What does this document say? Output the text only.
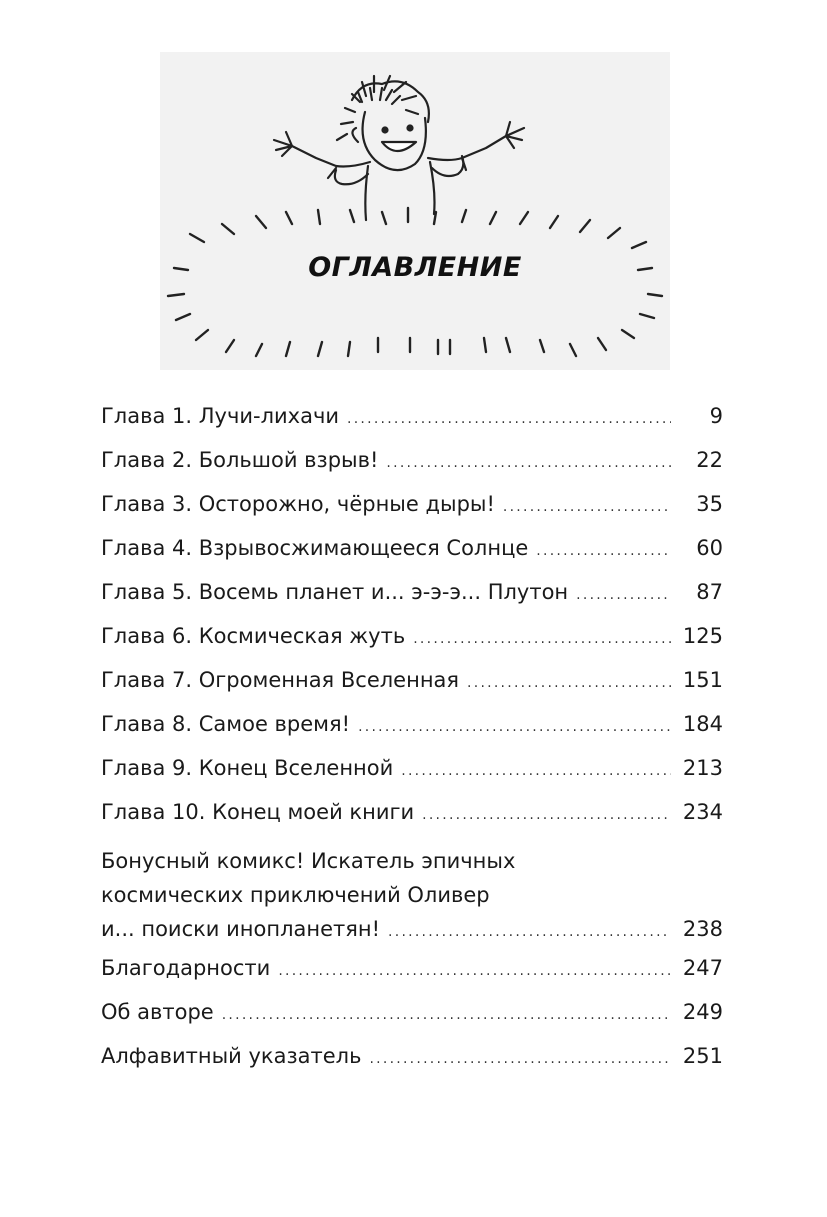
ОГЛАВЛЕНИЕ
Глава 1. Лучи-лихачи . . .	9
Глава 2. Большой взрыв! . . .	22
Глава 3. Осторожно, чёрные дыры! . . .	35
Глава 4. Взрывосжимающееся Солнце . . .	60
Глава 5. Восемь планет и... э-э-э... Плутон . . .	87
Глава 6. Космическая жуть . . .	125
Глава 7. Огроменная Вселенная . . .	151
Глава 8. Самое время! . . .	184
Глава 9. Конец Вселенной . . .	213
Глава 10. Конец моей книги . . .	234
Бонусный комикс! Искатель эпичных
космических приключений Оливер
и... поиски инопланетян! . . .	238
Благодарности . . .	247
Об авторе . . .	249
Алфавитный указатель . . .	251
